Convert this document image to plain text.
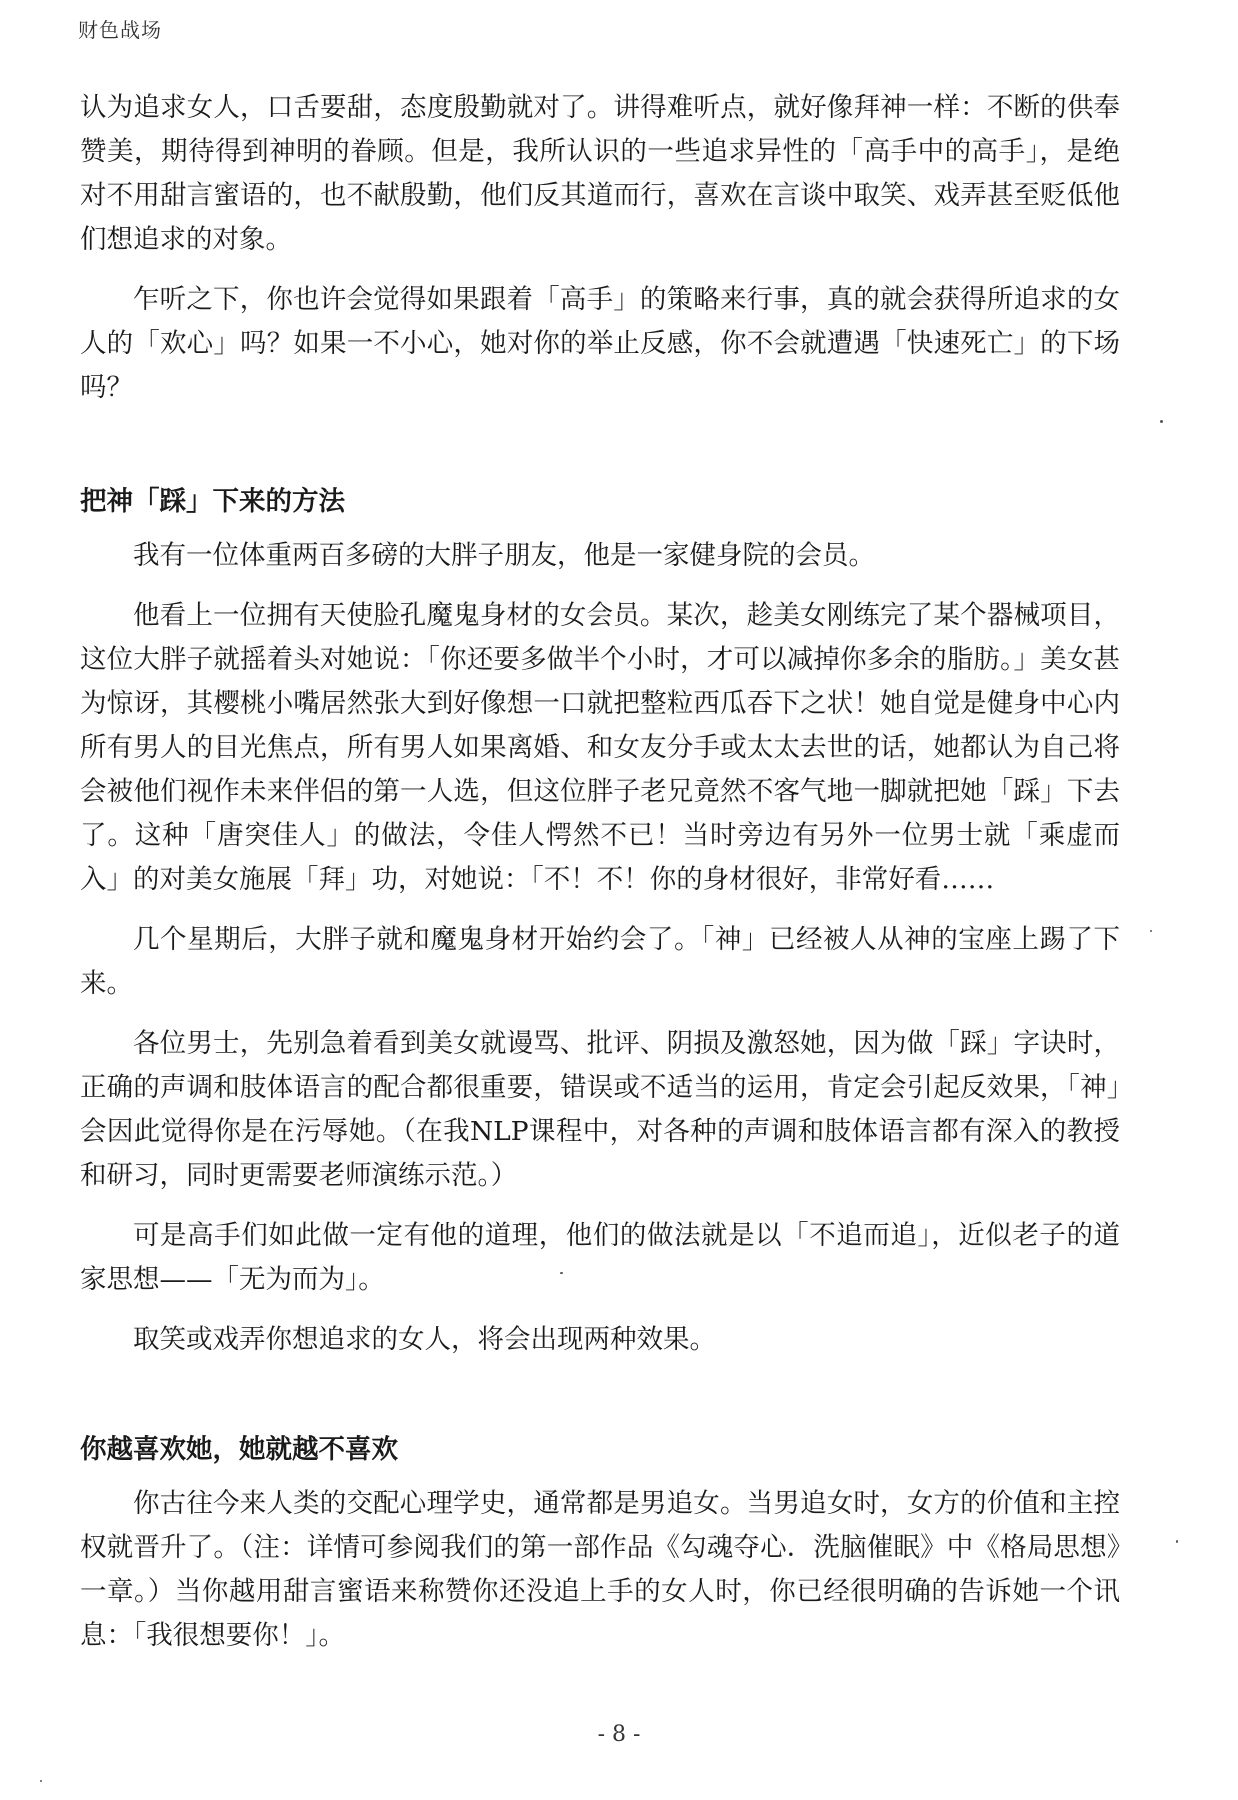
财色战场

认为追求女人，口舌要甜，态度殷勤就对了。讲得难听点，就好像拜神一样：不断的供奉赞美，期待得到神明的眷顾。但是，我所认识的一些追求异性的「高手中的高手」，是绝对不用甜言蜜语的，也不献殷勤，他们反其道而行，喜欢在言谈中取笑、戏弄甚至贬低他们想追求的对象。

乍听之下，你也许会觉得如果跟着「高手」的策略来行事，真的就会获得所追求的女人的「欢心」吗？如果一不小心，她对你的举止反感，你不会就遭遇「快速死亡」的下场吗？

把神「踩」下来的方法

我有一位体重两百多磅的大胖子朋友，他是一家健身院的会员。

他看上一位拥有天使脸孔魔鬼身材的女会员。某次，趁美女刚练完了某个器械项目，这位大胖子就摇着头对她说：「你还要多做半个小时，才可以减掉你多余的脂肪。」美女甚为惊讶，其樱桃小嘴居然张大到好像想一口就把整粒西瓜吞下之状！她自觉是健身中心内所有男人的目光焦点，所有男人如果离婚、和女友分手或太太去世的话，她都认为自己将会被他们视作未来伴侣的第一人选，但这位胖子老兄竟然不客气地一脚就把她「踩」下去了。这种「唐突佳人」的做法，令佳人愕然不已！当时旁边有另外一位男士就「乘虚而入」的对美女施展「拜」功，对她说：「不！不！你的身材很好，非常好看……

几个星期后，大胖子就和魔鬼身材开始约会了。「神」已经被人从神的宝座上踢了下来。

各位男士，先别急着看到美女就谩骂、批评、阴损及激怒她，因为做「踩」字诀时，正确的声调和肢体语言的配合都很重要，错误或不适当的运用，肯定会引起反效果，「神」会因此觉得你是在污辱她。（在我NLP课程中，对各种的声调和肢体语言都有深入的教授和研习，同时更需要老师演练示范。）

可是高手们如此做一定有他的道理，他们的做法就是以「不追而追」，近似老子的道家思想——「无为而为」。

取笑或戏弄你想追求的女人，将会出现两种效果。

你越喜欢她，她就越不喜欢

你古往今来人类的交配心理学史，通常都是男追女。当男追女时，女方的价值和主控权就晋升了。（注：详情可参阅我们的第一部作品《勾魂夺心．洗脑催眠》中《格局思想》一章。）当你越用甜言蜜语来称赞你还没追上手的女人时，你已经很明确的告诉她一个讯息：「我很想要你！」。

- 8 -
